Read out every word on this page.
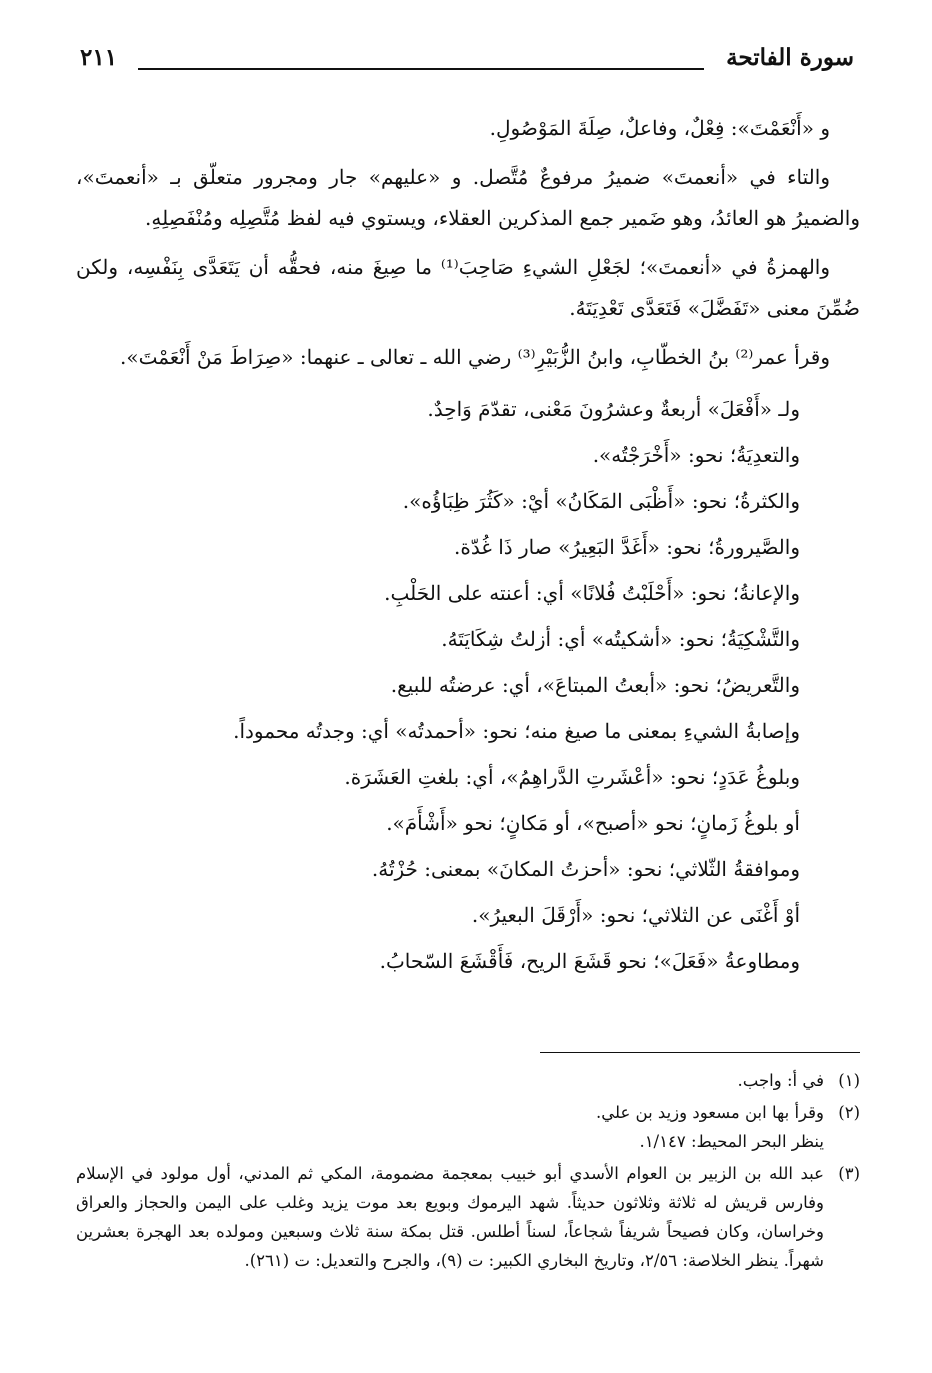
سورة الفاتحة
٢١١

و «أَنْعَمْتَ»: فِعْلٌ، وفاعلٌ، صِلَةَ المَوْصُولِ.

والتاء في «أنعمتَ» ضميرُ مرفوعٌ مُتَّصل. و «عليهم» جار ومجرور متعلّق بـ «أنعمتَ»، والضميرُ هو العائدُ، وهو ضَمير جمع المذكرين العقلاء، ويستوي فيه لفظ مُتَّصِلِه ومُنْفَصِلِهِ.

والهمزةُ في «أنعمتَ»؛ لجَعْلِ الشيءِ صَاحِبَ⁽¹⁾ ما صِيغَ منه، فحقُّه أن يَتَعَدَّى بِنَفْسِه، ولكن ضُمِّنَ معنى «تَفَضَّلَ» فَتَعَدَّى تَعْدِيَتَهُ.

وقرأ عمر⁽²⁾ بنُ الخطّابِ، وابنُ الزُّبَيْرِ⁽³⁾ رضي الله ـ تعالى ـ عنهما: «صِرَاطَ مَنْ أَنْعَمْتَ».

ولـ «أَفْعَلَ» أربعةٌ وعشرُونَ مَعْنى، تقدّمَ وَاحِدٌ.
والتعدِيَةُ؛ نحو: «أَخْرَجْتُه».
والكثرةُ؛ نحو: «أَظْبَى المَكَانُ» أيْ: «كَثُرَ ظِبَاؤُه».
والصَّيرورةُ؛ نحو: «أَغَدَّ البَعِيرُ» صار ذَا غُدّة.
والإعانةُ؛ نحو: «أَحْلَبْتُ فُلانًا» أي: أعنته على الحَلْبِ.
والتَّشْكِيَةُ؛ نحو: «أشكيتُه» أي: أزلتُ شِكَايَتَهُ.
والتَّعريضُ؛ نحو: «أبعتُ المبتاعَ»، أي: عرضتُه للبيع.
وإصابةُ الشيءِ بمعنى ما صيغ منه؛ نحو: «أحمدتُه» أي: وجدتُه محموداً.
وبلوغُ عَدَدٍ؛ نحو: «أعْشَرتِ الدَّراهِمُ»، أي: بلغتِ العَشَرَة.
أو بلوغُ زَمانٍ؛ نحو «أصبح»، أو مَكانٍ؛ نحو «أَشْأَمَ».
وموافقةُ الثّلاثي؛ نحو: «أحزتُ المكانَ» بمعنى: حُزْتُهُ.
أوْ أَغْنَى عن الثلاثي؛ نحو: «أَرْقَلَ البعيرُ».
ومطاوعةُ «فَعَلَ»؛ نحو قَشَعَ الريح، فَأَقْشَعَ السّحابُ.
(١)
في أ: واجب.
(٢)
وقرأ بها ابن مسعود وزيد بن علي.
ينظر البحر المحيط: ١/١٤٧.
(٣)
عبد الله بن الزبير بن العوام الأسدي أبو خبيب بمعجمة مضمومة، المكي ثم المدني، أول مولود في الإسلام وفارس قريش له ثلاثة وثلاثون حديثاً. شهد اليرموك وبويع بعد موت يزيد وغلب على اليمن والحجاز والعراق وخراسان، وكان فصيحاً شريفاً شجاعاً، لسناً أطلس. قتل بمكة سنة ثلاث وسبعين ومولده بعد الهجرة بعشرين شهراً. ينظر الخلاصة: ٢/٥٦، وتاريخ البخاري الكبير: ت (٩)، والجرح والتعديل: ت (٢٦١).
